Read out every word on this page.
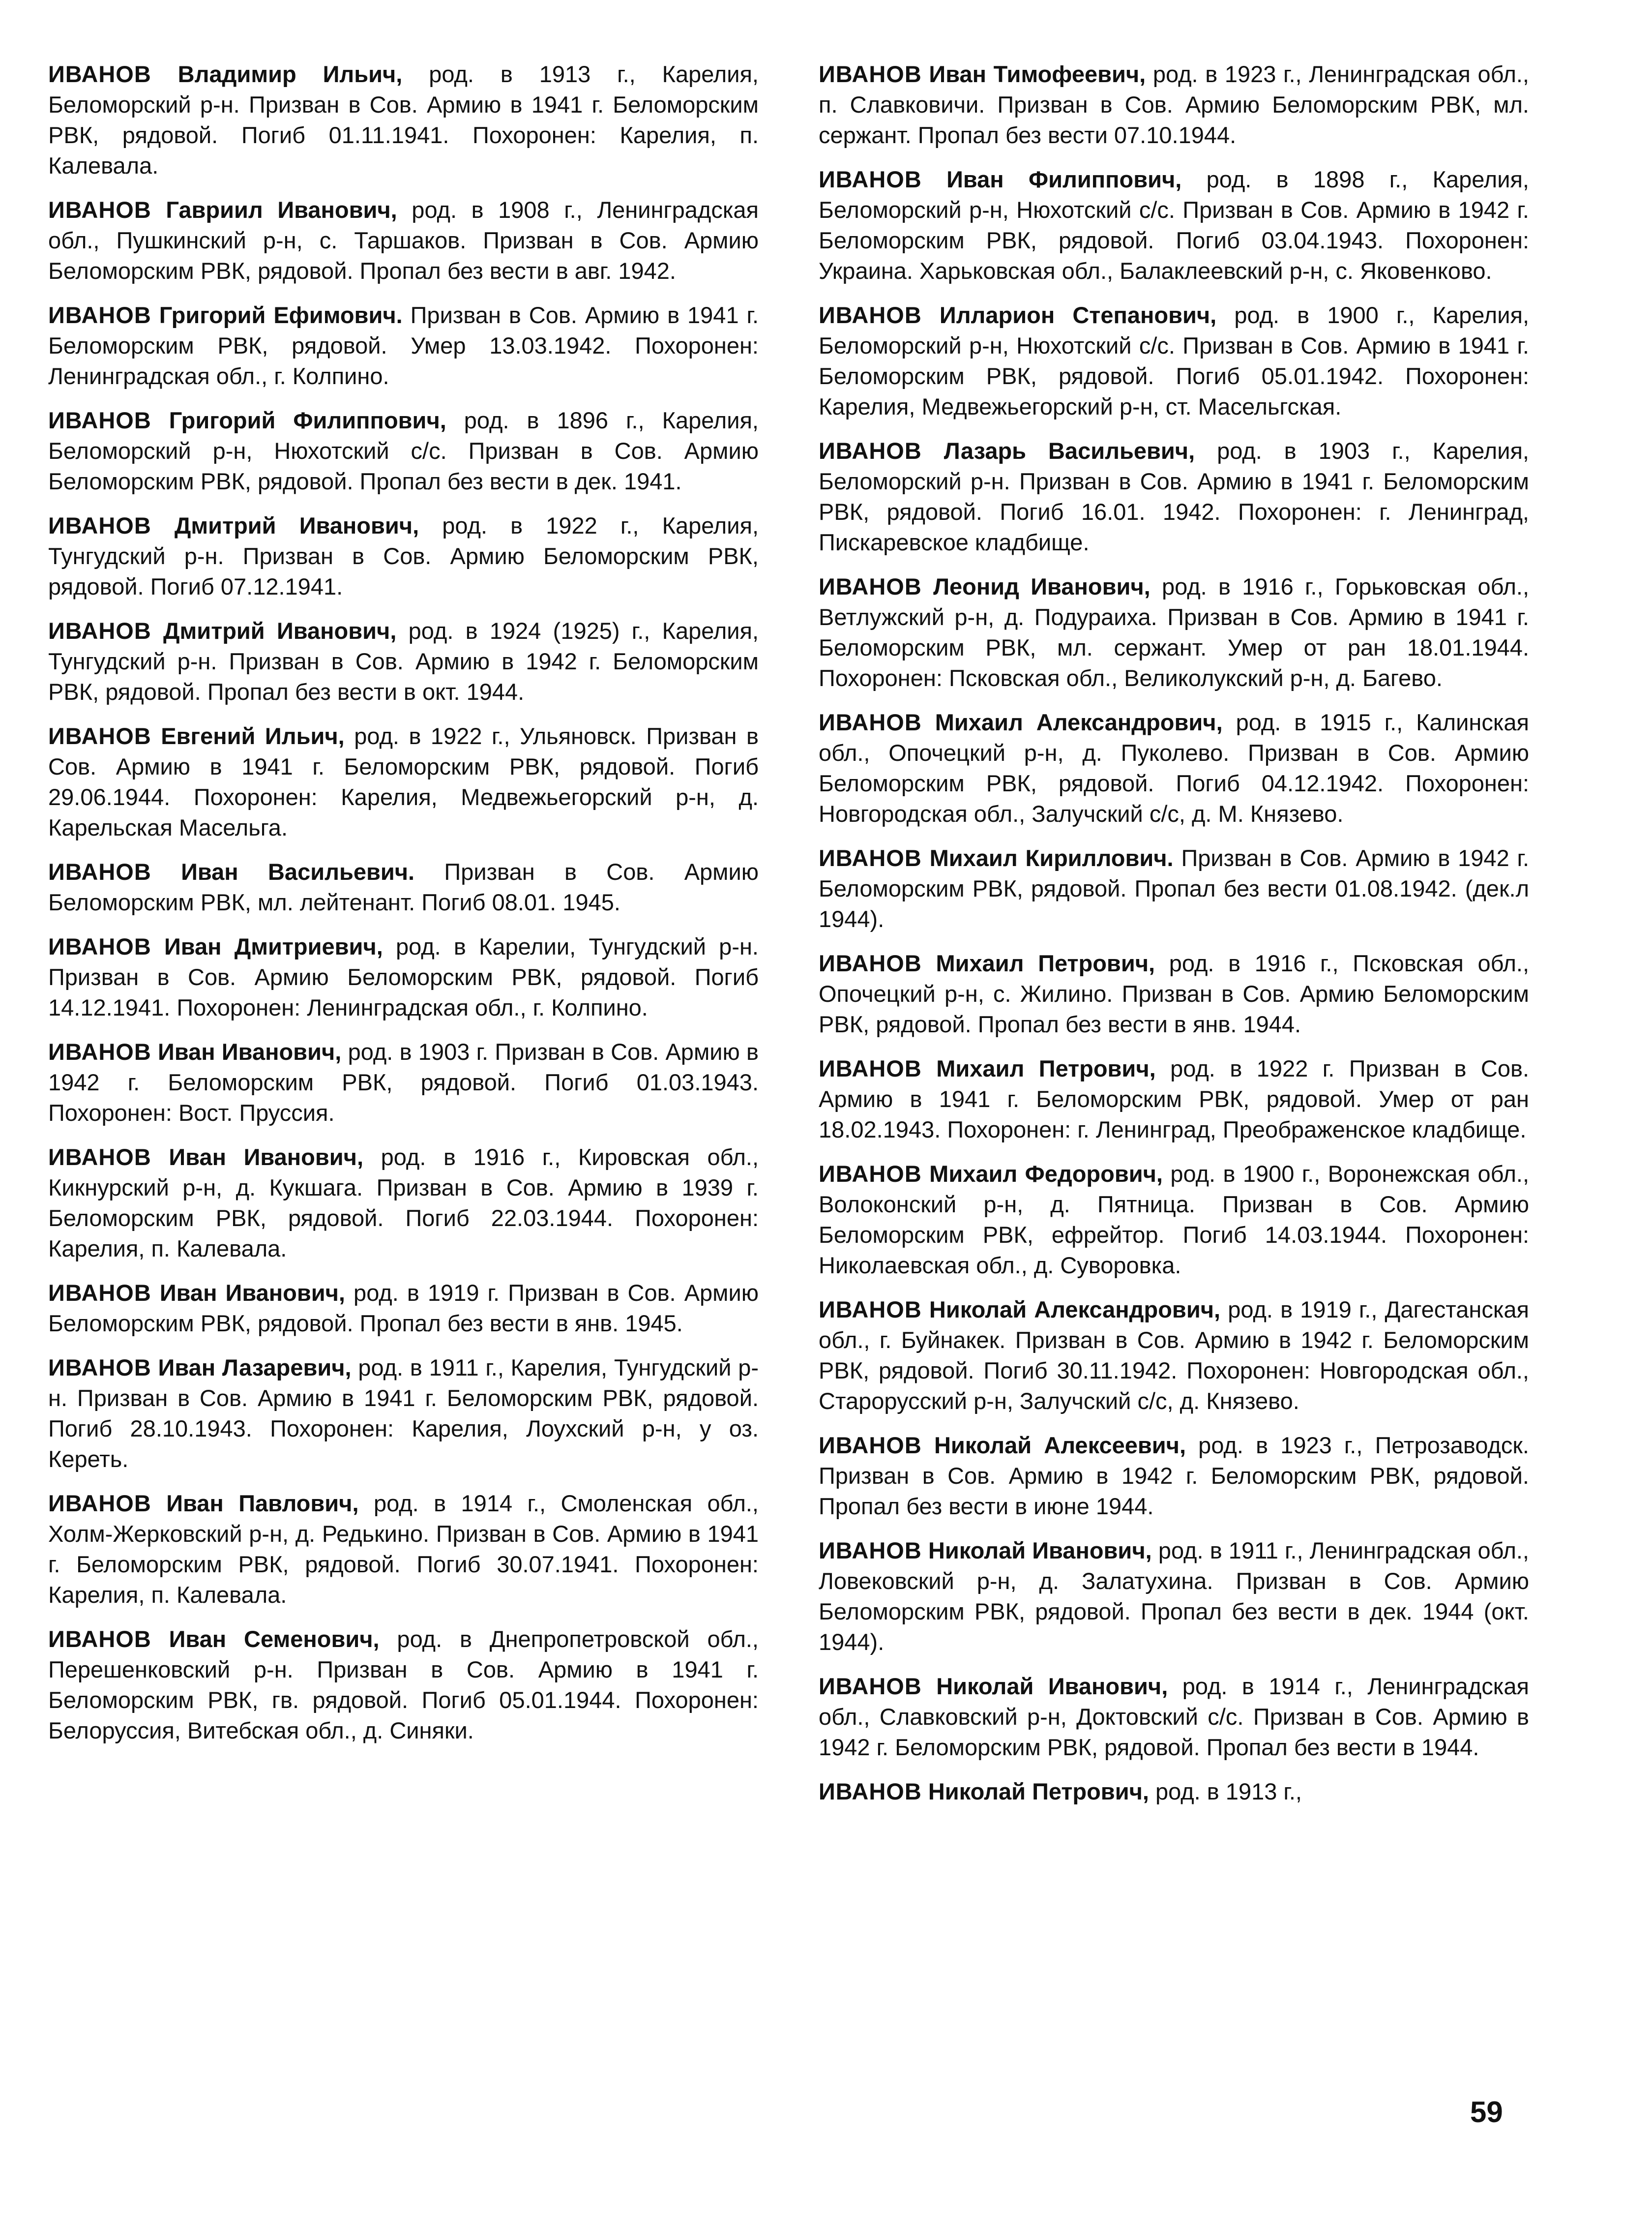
ИВАНОВ Владимир Ильич, род. в 1913 г., Карелия, Беломорский р-н. Призван в Сов. Армию в 1941 г. Беломорским РВК, рядовой. Погиб 01.11.1941. Похоронен: Карелия, п. Калевала.

ИВАНОВ Гавриил Иванович, род. в 1908 г., Ленинградская обл., Пушкинский р-н, с. Таршаков. Призван в Сов. Армию Беломорским РВК, рядовой. Пропал без вести в авг. 1942.

ИВАНОВ Григорий Ефимович. Призван в Сов. Армию в 1941 г. Беломорским РВК, рядовой. Умер 13.03.1942. Похоронен: Ленинградская обл., г. Колпино.

ИВАНОВ Григорий Филиппович, род. в 1896 г., Карелия, Беломорский р-н, Нюхотский с/с. Призван в Сов. Армию Беломорским РВК, рядовой. Пропал без вести в дек. 1941.

ИВАНОВ Дмитрий Иванович, род. в 1922 г., Карелия, Тунгудский р-н. Призван в Сов. Армию Беломорским РВК, рядовой. Погиб 07.12.1941.

ИВАНОВ Дмитрий Иванович, род. в 1924 (1925) г., Карелия, Тунгудский р-н. Призван в Сов. Армию в 1942 г. Беломорским РВК, рядовой. Пропал без вести в окт. 1944.

ИВАНОВ Евгений Ильич, род. в 1922 г., Ульяновск. Призван в Сов. Армию в 1941 г. Беломорским РВК, рядовой. Погиб 29.06.1944. Похоронен: Карелия, Медвежьегорский р-н, д. Карельская Масельга.

ИВАНОВ Иван Васильевич. Призван в Сов. Армию Беломорским РВК, мл. лейтенант. Погиб 08.01. 1945.

ИВАНОВ Иван Дмитриевич, род. в Карелии, Тунгудский р-н. Призван в Сов. Армию Беломорским РВК, рядовой. Погиб 14.12.1941. Похоронен: Ленинградская обл., г. Колпино.

ИВАНОВ Иван Иванович, род. в 1903 г. Призван в Сов. Армию в 1942 г. Беломорским РВК, рядовой. Погиб 01.03.1943. Похоронен: Вост. Пруссия.

ИВАНОВ Иван Иванович, род. в 1916 г., Кировская обл., Кикнурский р-н, д. Кукшага. Призван в Сов. Армию в 1939 г. Беломорским РВК, рядовой. Погиб 22.03.1944. Похоронен: Карелия, п. Калевала.

ИВАНОВ Иван Иванович, род. в 1919 г. Призван в Сов. Армию Беломорским РВК, рядовой. Пропал без вести в янв. 1945.

ИВАНОВ Иван Лазаревич, род. в 1911 г., Карелия, Тунгудский р-н. Призван в Сов. Армию в 1941 г. Беломорским РВК, рядовой. Погиб 28.10.1943. Похоронен: Карелия, Лоухский р-н, у оз. Кереть.

ИВАНОВ Иван Павлович, род. в 1914 г., Смоленская обл., Холм-Жерковский р-н, д. Редькино. Призван в Сов. Армию в 1941 г. Беломорским РВК, рядовой. Погиб 30.07.1941. Похоронен: Карелия, п. Калевала.

ИВАНОВ Иван Семенович, род. в Днепропетровской обл., Перешенковский р-н. Призван в Сов. Армию в 1941 г. Беломорским РВК, гв. рядовой. Погиб 05.01.1944. Похоронен: Белоруссия, Витебская обл., д. Синяки.

ИВАНОВ Иван Тимофеевич, род. в 1923 г., Ленинградская обл., п. Славковичи. Призван в Сов. Армию Беломорским РВК, мл. сержант. Пропал без вести 07.10.1944.

ИВАНОВ Иван Филиппович, род. в 1898 г., Карелия, Беломорский р-н, Нюхотский с/с. Призван в Сов. Армию в 1942 г. Беломорским РВК, рядовой. Погиб 03.04.1943. Похоронен: Украина. Харьковская обл., Балаклеевский р-н, с. Яковенково.

ИВАНОВ Илларион Степанович, род. в 1900 г., Карелия, Беломорский р-н, Нюхотский с/с. Призван в Сов. Армию в 1941 г. Беломорским РВК, рядовой. Погиб 05.01.1942. Похоронен: Карелия, Медвежьегорский р-н, ст. Масельгская.

ИВАНОВ Лазарь Васильевич, род. в 1903 г., Карелия, Беломорский р-н. Призван в Сов. Армию в 1941 г. Беломорским РВК, рядовой. Погиб 16.01. 1942. Похоронен: г. Ленинград, Пискаревское кладбище.

ИВАНОВ Леонид Иванович, род. в 1916 г., Горьковская обл., Ветлужский р-н, д. Подураиха. Призван в Сов. Армию в 1941 г. Беломорским РВК, мл. сержант. Умер от ран 18.01.1944. Похоронен: Псковская обл., Великолукский р-н, д. Багево.

ИВАНОВ Михаил Александрович, род. в 1915 г., Калинская обл., Опочецкий р-н, д. Пуколево. Призван в Сов. Армию Беломорским РВК, рядовой. Погиб 04.12.1942. Похоронен: Новгородская обл., Залучский с/с, д. М. Князево.

ИВАНОВ Михаил Кириллович. Призван в Сов. Армию в 1942 г. Беломорским РВК, рядовой. Пропал без вести 01.08.1942. (дек.л 1944).

ИВАНОВ Михаил Петрович, род. в 1916 г., Псковская обл., Опочецкий р-н, с. Жилино. Призван в Сов. Армию Беломорским РВК, рядовой. Пропал без вести в янв. 1944.

ИВАНОВ Михаил Петрович, род. в 1922 г. Призван в Сов. Армию в 1941 г. Беломорским РВК, рядовой. Умер от ран 18.02.1943. Похоронен: г. Ленинград, Преображенское кладбище.

ИВАНОВ Михаил Федорович, род. в 1900 г., Воронежская обл., Волоконский р-н, д. Пятница. Призван в Сов. Армию Беломорским РВК, ефрейтор. Погиб 14.03.1944. Похоронен: Николаевская обл., д. Суворовка.

ИВАНОВ Николай Александрович, род. в 1919 г., Дагестанская обл., г. Буйнакек. Призван в Сов. Армию в 1942 г. Беломорским РВК, рядовой. Погиб 30.11.1942. Похоронен: Новгородская обл., Старорусский р-н, Залучский с/с, д. Князево.

ИВАНОВ Николай Алексеевич, род. в 1923 г., Петрозаводск. Призван в Сов. Армию в 1942 г. Беломорским РВК, рядовой. Пропал без вести в июне 1944.

ИВАНОВ Николай Иванович, род. в 1911 г., Ленинградская обл., Ловековский р-н, д. Залатухина. Призван в Сов. Армию Беломорским РВК, рядовой. Пропал без вести в дек. 1944 (окт. 1944).

ИВАНОВ Николай Иванович, род. в 1914 г., Ленинградская обл., Славковский р-н, Доктовский с/с. Призван в Сов. Армию в 1942 г. Беломорским РВК, рядовой. Пропал без вести в 1944.

ИВАНОВ Николай Петрович, род. в 1913 г.,

59
